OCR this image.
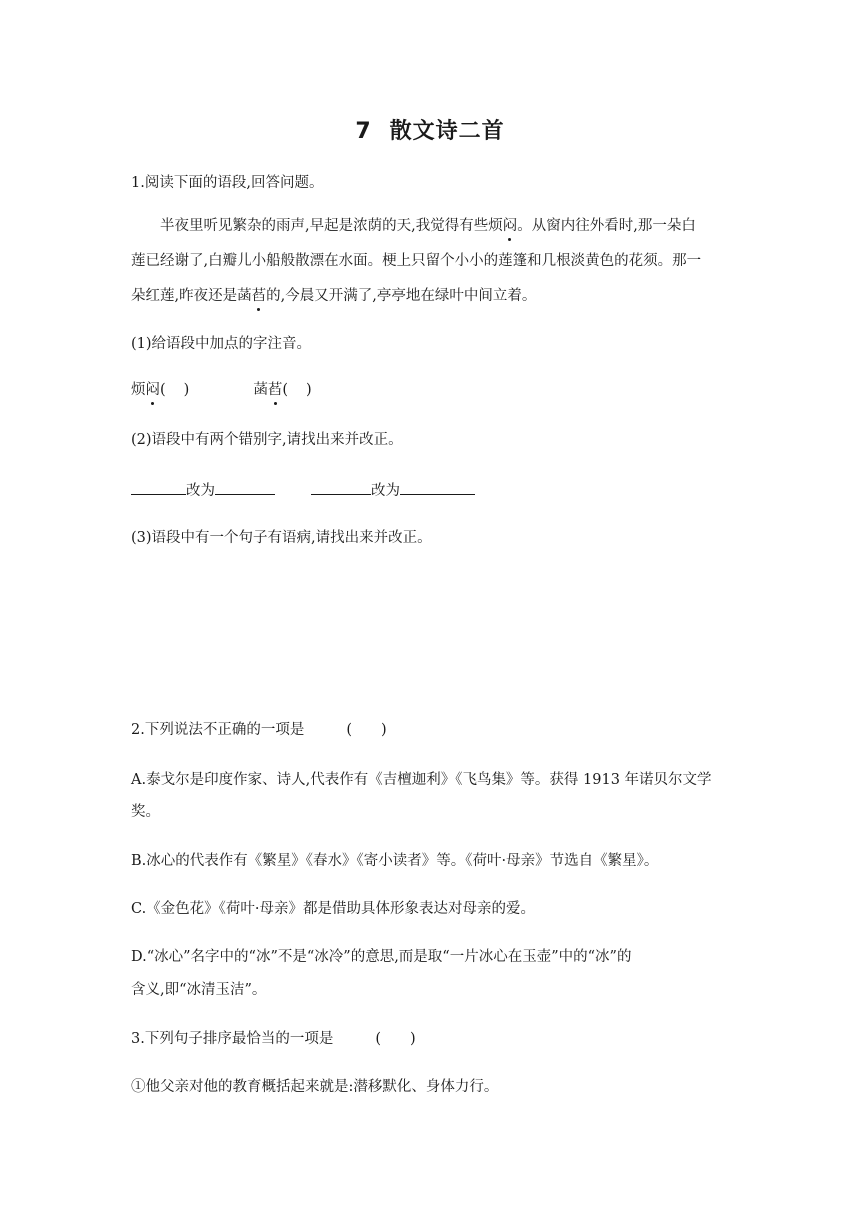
7 散文诗二首
1.阅读下面的语段,回答问题。
半夜里听见繁杂的雨声,早起是浓荫的天,我觉得有些烦闷。从窗内往外看时,那一朵白
莲已经谢了,白瓣儿小船般散漂在水面。梗上只留个小小的莲篷和几根淡黄色的花须。那一
朵红莲,昨夜还是菡萏的,今晨又开满了,亭亭地在绿叶中间立着。
(1)给语段中加点的字注音。
烦闷( )	菡萏( )
(2)语段中有两个错别字,请找出来并改正。
改为	改为
(3)语段中有一个句子有语病,请找出来并改正。
2.下列说法不正确的一项是	(　　)
A.泰戈尔是印度作家、诗人,代表作有《吉檀迦利》《飞鸟集》等。获得 1913 年诺贝尔文学
奖。
B.冰心的代表作有《繁星》《春水》《寄小读者》等。《荷叶·母亲》节选自《繁星》。
C.《金色花》《荷叶·母亲》都是借助具体形象表达对母亲的爱。
D.“冰心”名字中的“冰”不是“冰冷”的意思,而是取“一片冰心在玉壶”中的“冰”的
含义,即“冰清玉洁”。
3.下列句子排序最恰当的一项是	(　　)
①他父亲对他的教育概括起来就是:潜移默化、身体力行。
